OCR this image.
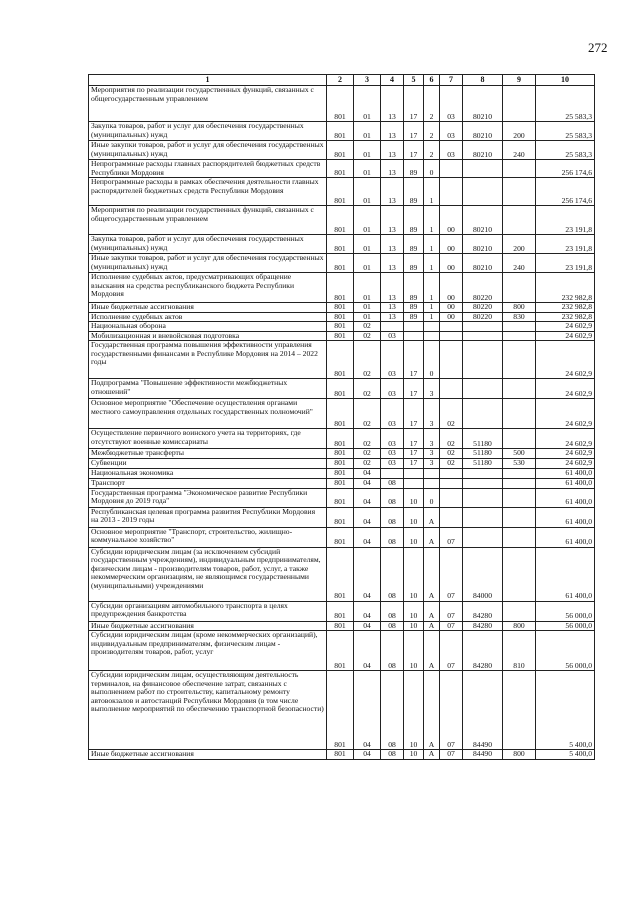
272
1	2	3	4	5	6	7	8	9	10
Мероприятия по реализации государственных функций, связанных с общегосударственным управлением	801	01	13	17	2	03	80210		25 583,3
Закупка товаров, работ и услуг для обеспечения государственных (муниципальных) нужд	801	01	13	17	2	03	80210	200	25 583,3
Иные закупки товаров, работ и услуг для обеспечения государственных (муниципальных) нужд	801	01	13	17	2	03	80210	240	25 583,3
Непрограммные расходы главных распорядителей бюджетных средств Республики Мордовия	801	01	13	89	0				256 174,6
Непрограммные расходы в рамках обеспечения деятельности главных распорядителей бюджетных средств Республики Мордовия	801	01	13	89	1				256 174,6
Мероприятия по реализации государственных функций, связанных с общегосударственным управлением	801	01	13	89	1	00	80210		23 191,8
Закупка товаров, работ и услуг для обеспечения государственных (муниципальных) нужд	801	01	13	89	1	00	80210	200	23 191,8
Иные закупки товаров, работ и услуг для обеспечения государственных (муниципальных) нужд	801	01	13	89	1	00	80210	240	23 191,8
Исполнение судебных актов, предусматривающих обращение взыскания на средства республиканского бюджета Республики Мордовия	801	01	13	89	1	00	80220		232 982,8
Иные бюджетные ассигнования	801	01	13	89	1	00	80220	800	232 982,8
Исполнение судебных актов	801	01	13	89	1	00	80220	830	232 982,8
Национальная оборона	801	02							24 602,9
Мобилизационная и вневойсковая подготовка	801	02	03						24 602,9
Государственная программа повышения эффективности управления государственными финансами в Республике Мордовия на 2014 – 2022 годы	801	02	03	17	0				24 602,9
Подпрограмма "Повышение эффективности межбюджетных отношений"	801	02	03	17	3				24 602,9
Основное мероприятие "Обеспечение осуществления органами местного самоуправления отдельных государственных полномочий"	801	02	03	17	3	02			24 602,9
Осуществление первичного воинского учета на территориях, где отсутствуют военные комиссариаты	801	02	03	17	3	02	51180		24 602,9
Межбюджетные трансферты	801	02	03	17	3	02	51180	500	24 602,9
Субвенции	801	02	03	17	3	02	51180	530	24 602,9
Национальная экономика	801	04							61 400,0
Транспорт	801	04	08						61 400,0
Государственная программа "Экономическое развитие Республики Мордовия до 2019 года"	801	04	08	10	0				61 400,0
Республиканская целевая программа развития Республики Мордовия на 2013 - 2019 годы	801	04	08	10	А				61 400,0
Основное мероприятие "Транспорт, строительство, жилищно-коммунальное хозяйство"	801	04	08	10	А	07			61 400,0
Субсидии юридическим лицам (за исключением субсидий государственным учреждениям), индивидуальным предпринимателям, физическим лицам - производителям товаров, работ, услуг, а также некоммерческим организациям, не являющимся государственными (муниципальными) учреждениями	801	04	08	10	А	07	84000		61 400,0
Субсидии организациям автомобильного транспорта в целях предупреждения банкротства	801	04	08	10	А	07	84280		56 000,0
Иные бюджетные ассигнования	801	04	08	10	А	07	84280	800	56 000,0
Субсидии юридическим лицам (кроме некоммерческих организаций), индивидуальным предпринимателям, физическим лицам - производителям товаров, работ, услуг	801	04	08	10	А	07	84280	810	56 000,0
Субсидии юридическим лицам, осуществляющим деятельность терминалов, на финансовое обеспечение затрат, связанных с выполнением работ по строительству, капитальному ремонту автовокзалов и автостанций Республики Мордовия (в том числе выполнение мероприятий по обеспечению транспортной безопасности)	801	04	08	10	А	07	84490		5 400,0
Иные бюджетные ассигнования	801	04	08	10	А	07	84490	800	5 400,0
